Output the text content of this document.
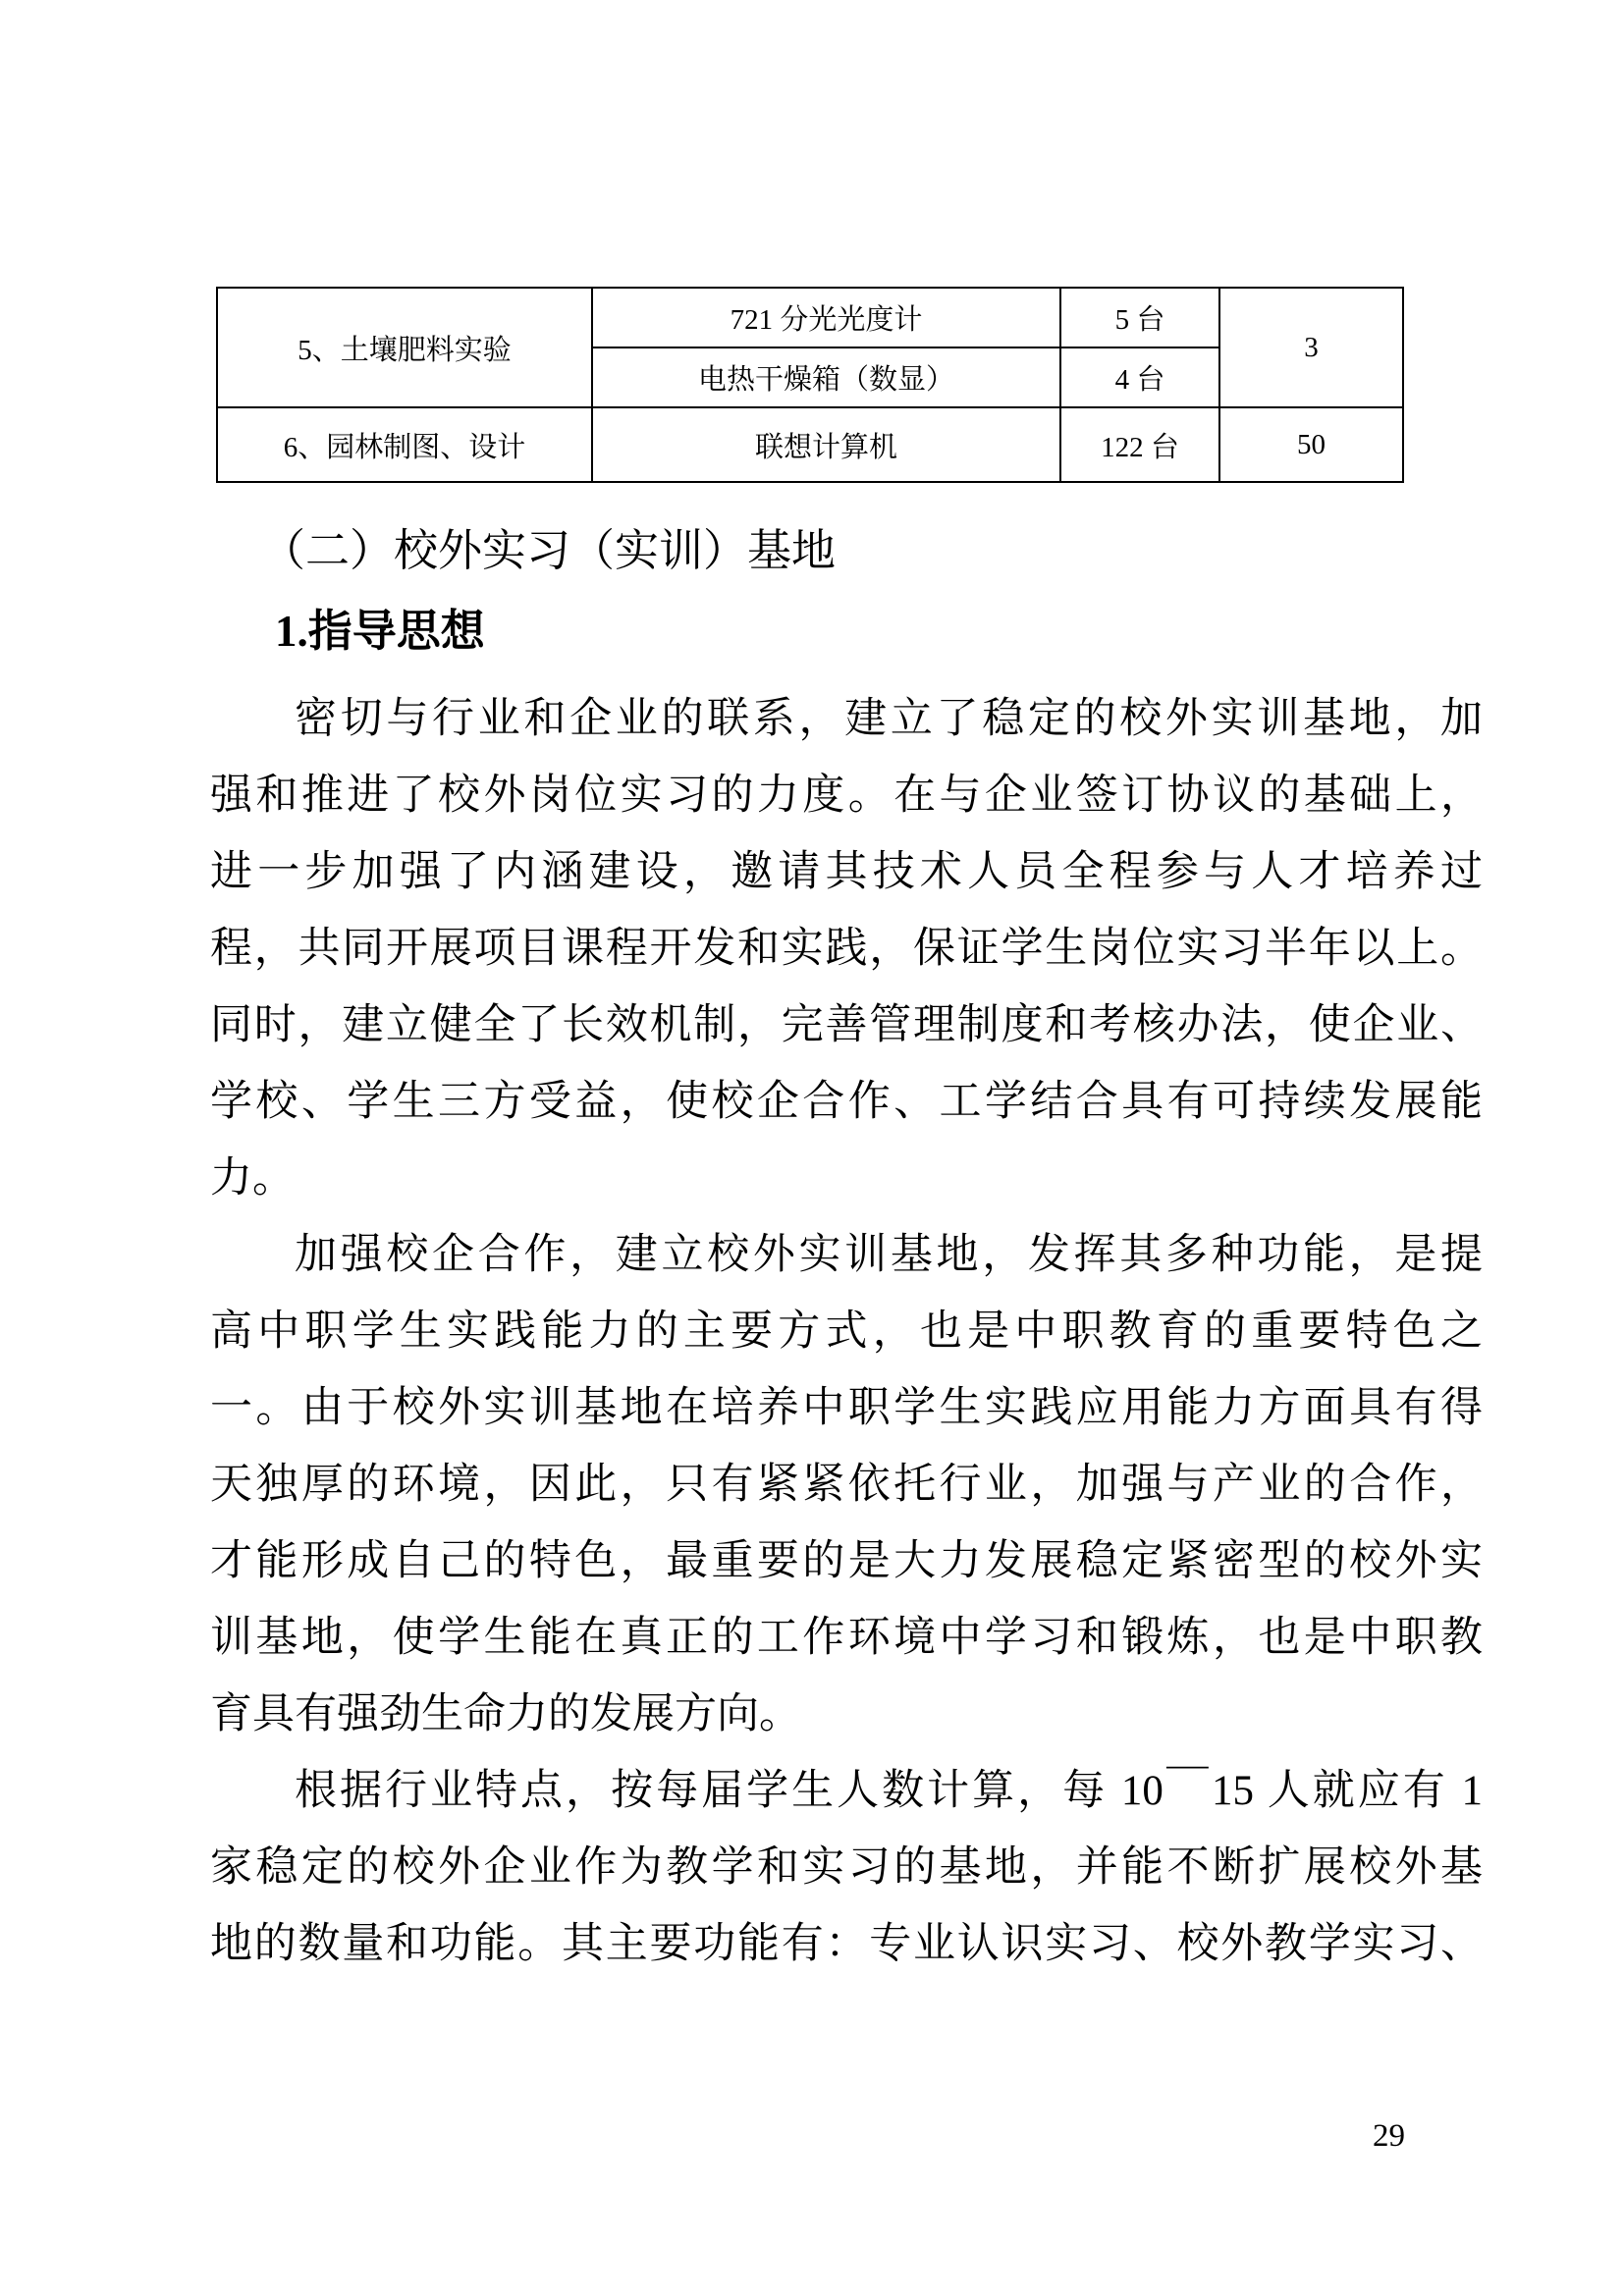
5、土壤肥料实验	721 分光光度计	5 台	3
	电热干燥箱（数显）	4 台	
6、园林制图、设计	联想计算机	122 台	50
（二）校外实习（实训）基地
1.指导思想
密切与行业和企业的联系，建立了稳定的校外实训基地，加
强和推进了校外岗位实习的力度。在与企业签订协议的基础上，
进一步加强了内涵建设，邀请其技术人员全程参与人才培养过
程，共同开展项目课程开发和实践，保证学生岗位实习半年以上。
同时，建立健全了长效机制，完善管理制度和考核办法，使企业、
学校、学生三方受益，使校企合作、工学结合具有可持续发展能
力。
加强校企合作，建立校外实训基地，发挥其多种功能，是提
高中职学生实践能力的主要方式，也是中职教育的重要特色之
一。由于校外实训基地在培养中职学生实践应用能力方面具有得
天独厚的环境，因此，只有紧紧依托行业，加强与产业的合作，
才能形成自己的特色，最重要的是大力发展稳定紧密型的校外实
训基地，使学生能在真正的工作环境中学习和锻炼，也是中职教
育具有强劲生命力的发展方向。
根据行业特点，按每届学生人数计算，每 10￣15 人就应有 1
家稳定的校外企业作为教学和实习的基地，并能不断扩展校外基
地的数量和功能。其主要功能有：专业认识实习、校外教学实习、
29
